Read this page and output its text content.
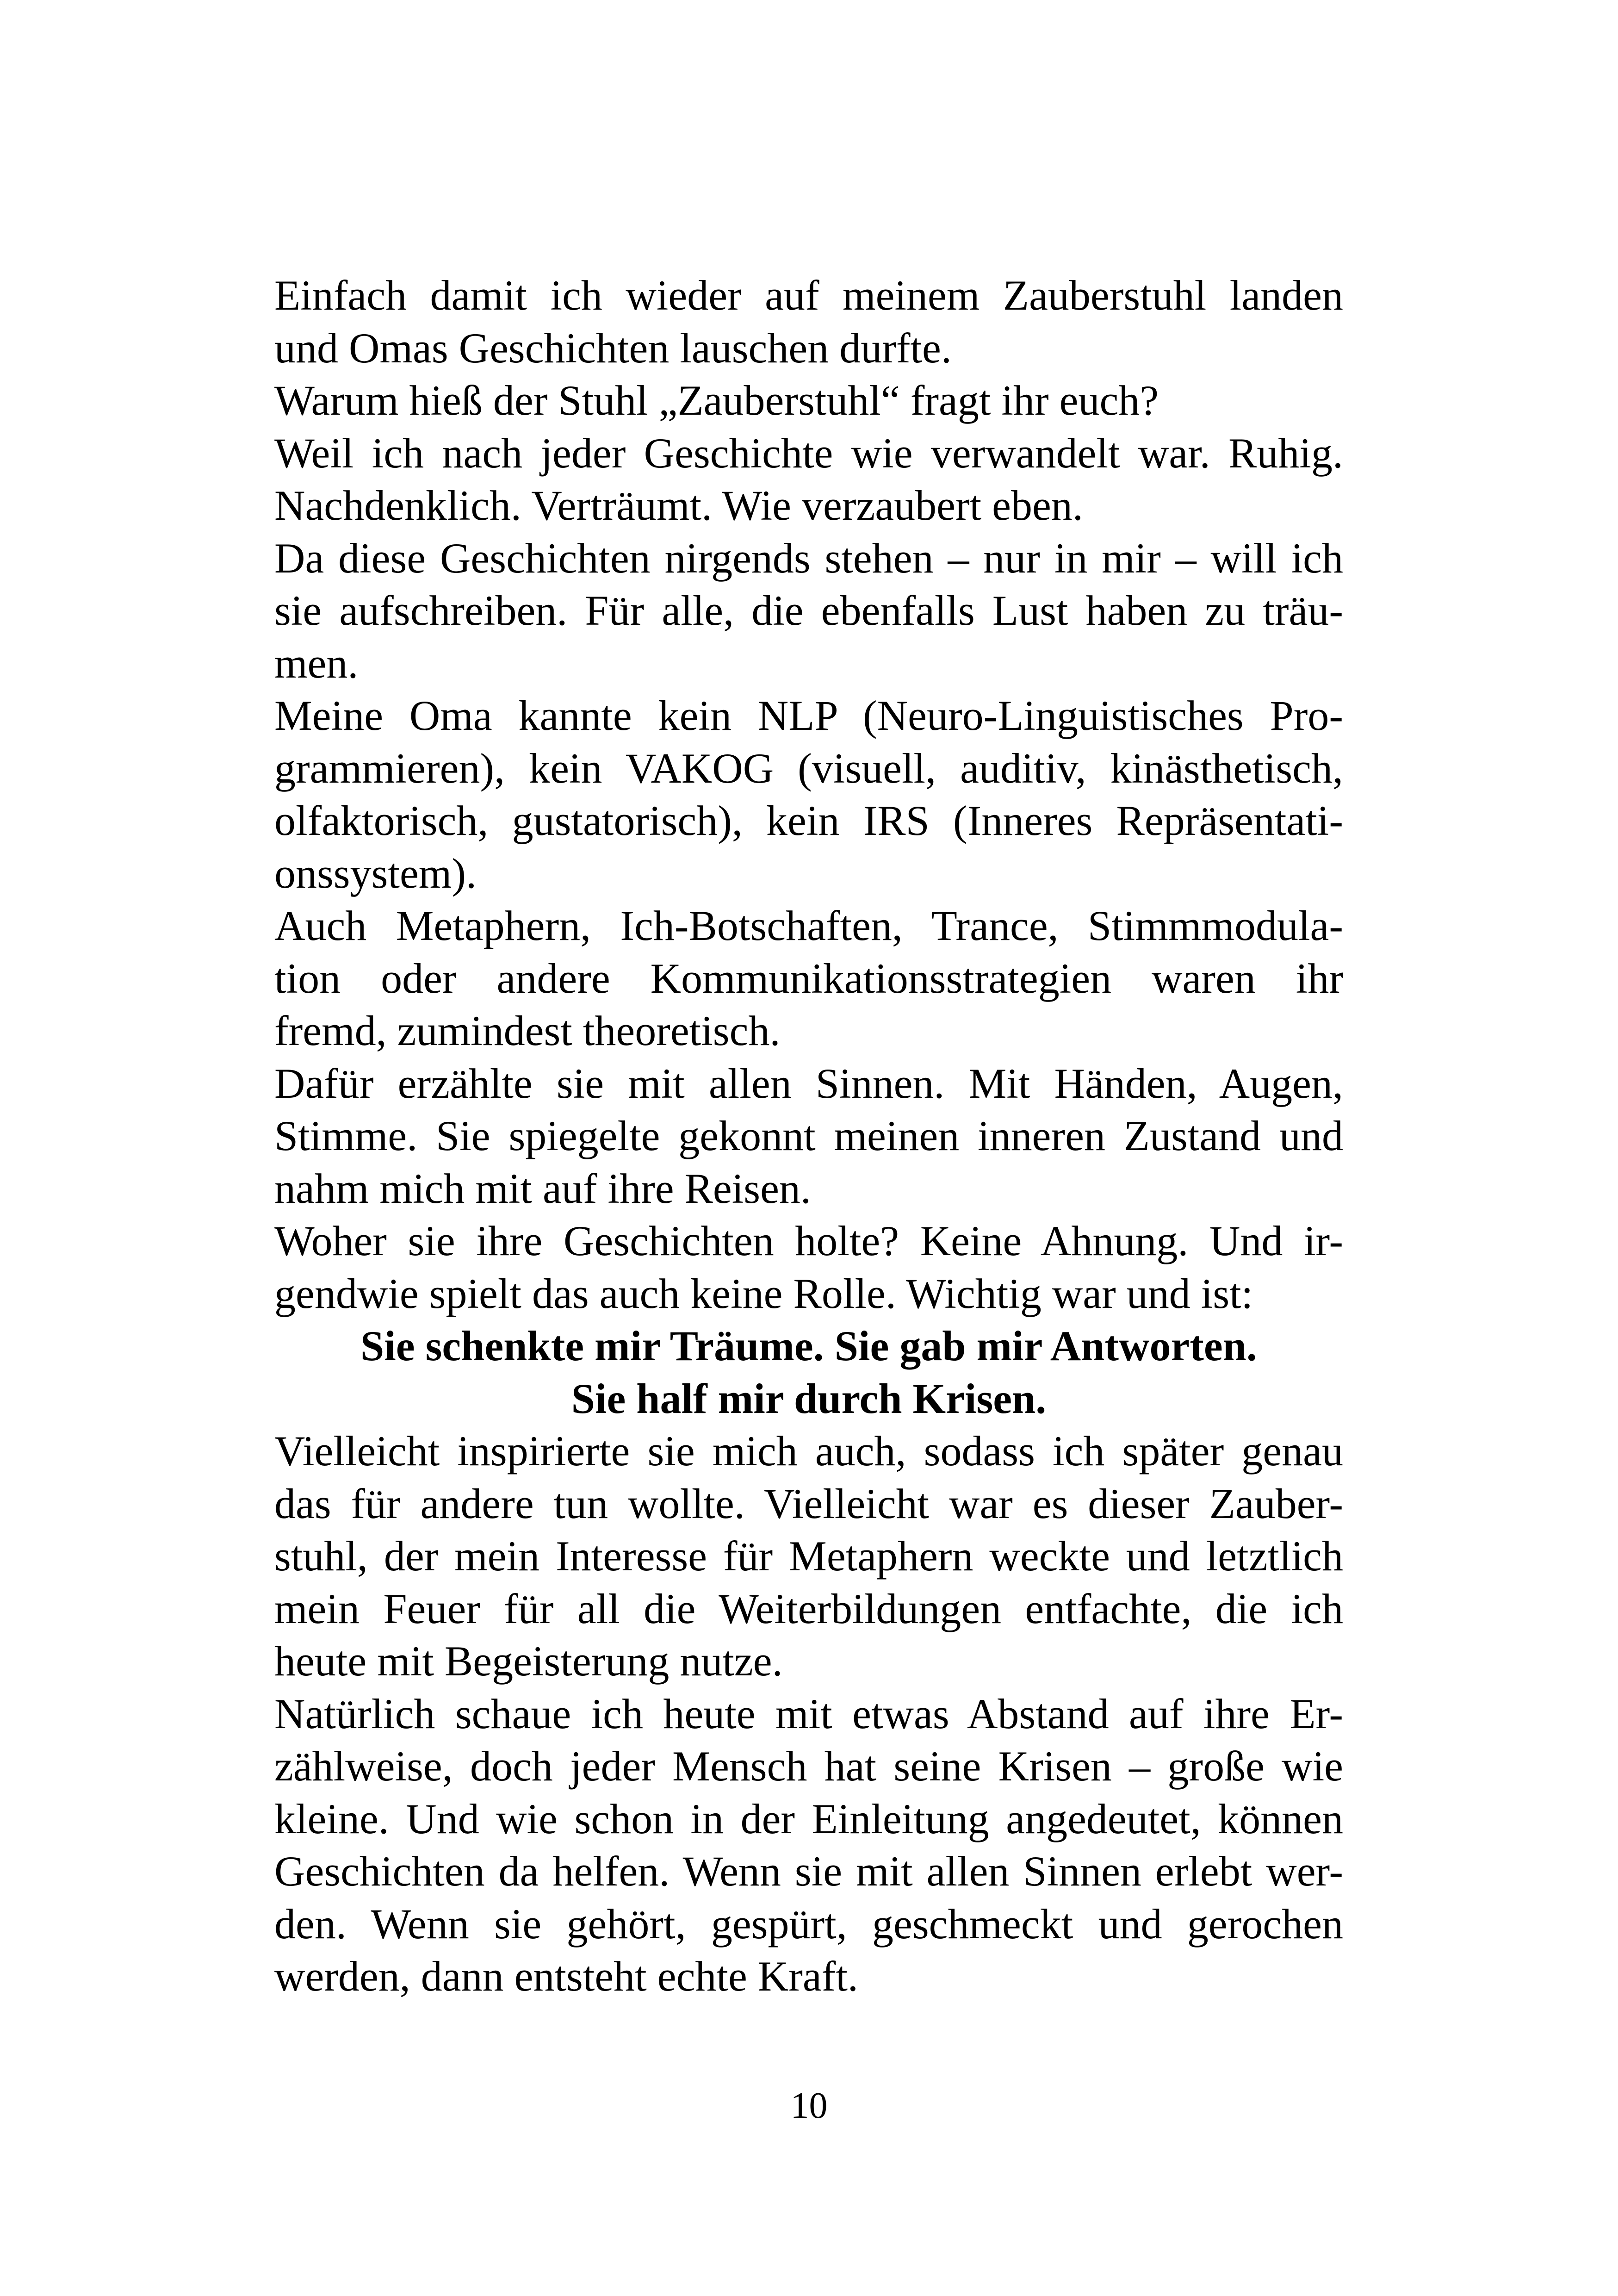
Einfach damit ich wieder auf meinem Zauberstuhl landen
und Omas Geschichten lauschen durfte.
Warum hieß der Stuhl „Zauberstuhl“ fragt ihr euch?
Weil ich nach jeder Geschichte wie verwandelt war. Ruhig.
Nachdenklich. Verträumt. Wie verzaubert eben.
Da diese Geschichten nirgends stehen – nur in mir – will ich
sie aufschreiben. Für alle, die ebenfalls Lust haben zu träu-
men.
Meine Oma kannte kein NLP (Neuro-Linguistisches Pro-
grammieren), kein VAKOG (visuell, auditiv, kinästhetisch,
olfaktorisch, gustatorisch), kein IRS (Inneres Repräsentati-
onssystem).
Auch Metaphern, Ich-Botschaften, Trance, Stimmmodula-
tion oder andere Kommunikationsstrategien waren ihr
fremd, zumindest theoretisch.
Dafür erzählte sie mit allen Sinnen. Mit Händen, Augen,
Stimme. Sie spiegelte gekonnt meinen inneren Zustand und
nahm mich mit auf ihre Reisen.
Woher sie ihre Geschichten holte? Keine Ahnung. Und ir-
gendwie spielt das auch keine Rolle. Wichtig war und ist:
Sie schenkte mir Träume. Sie gab mir Antworten.
Sie half mir durch Krisen.
Vielleicht inspirierte sie mich auch, sodass ich später genau
das für andere tun wollte. Vielleicht war es dieser Zauber-
stuhl, der mein Interesse für Metaphern weckte und letztlich
mein Feuer für all die Weiterbildungen entfachte, die ich
heute mit Begeisterung nutze.
Natürlich schaue ich heute mit etwas Abstand auf ihre Er-
zählweise, doch jeder Mensch hat seine Krisen – große wie
kleine. Und wie schon in der Einleitung angedeutet, können
Geschichten da helfen. Wenn sie mit allen Sinnen erlebt wer-
den. Wenn sie gehört, gespürt, geschmeckt und gerochen
werden, dann entsteht echte Kraft.
10
